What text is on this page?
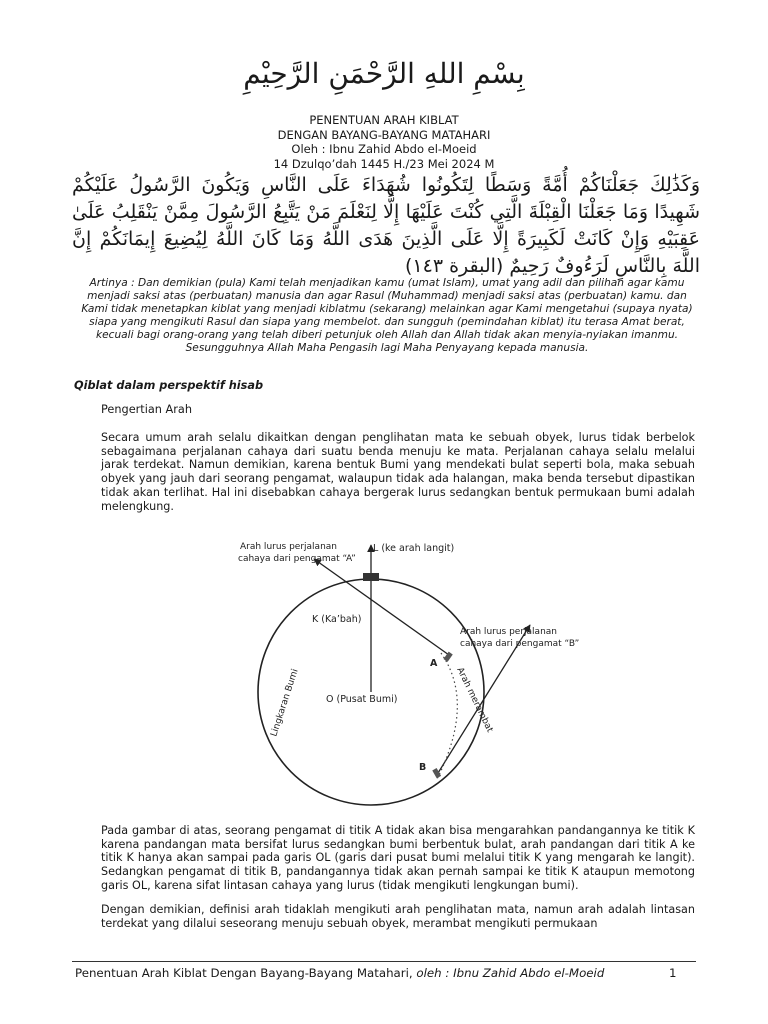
بِسْمِ اللهِ الرَّحْمَنِ الرَّحِيْمِ
PENENTUAN ARAH KIBLAT
DENGAN BAYANG-BAYANG MATAHARI
Oleh : Ibnu Zahid Abdo el-Moeid
14 Dzulqo’dah 1445 H./23 Mei 2024 M
وَكَذَٰلِكَ جَعَلْنَاكُمْ أُمَّةً وَسَطًا لِتَكُونُوا شُهَدَاءَ عَلَى النَّاسِ وَيَكُونَ الرَّسُولُ عَلَيْكُمْ شَهِيدًا وَمَا جَعَلْنَا الْقِبْلَةَ الَّتِي كُنْتَ عَلَيْهَا إِلَّا لِنَعْلَمَ مَنْ يَتَّبِعُ الرَّسُولَ مِمَّنْ يَنْقَلِبُ عَلَىٰ عَقِبَيْهِ وَإِنْ كَانَتْ لَكَبِيرَةً إِلَّا عَلَى الَّذِينَ هَدَى اللَّهُ وَمَا كَانَ اللَّهُ لِيُضِيعَ إِيمَانَكُمْ إِنَّ اللَّهَ بِالنَّاسِ لَرَءُوفٌ رَحِيمٌ (البقرة ١٤٣)
Artinya : Dan demikian (pula) Kami telah menjadikan kamu (umat Islam), umat yang adil dan pilihan agar kamu menjadi saksi atas (perbuatan) manusia dan agar Rasul (Muhammad) menjadi saksi atas (perbuatan) kamu. dan Kami tidak menetapkan kiblat yang menjadi kiblatmu (sekarang) melainkan agar Kami mengetahui (supaya nyata) siapa yang mengikuti Rasul dan siapa yang membelot. dan sungguh (pemindahan kiblat) itu terasa Amat berat, kecuali bagi orang-orang yang telah diberi petunjuk oleh Allah dan Allah tidak akan menyia-nyiakan imanmu. Sesungguhnya Allah Maha Pengasih lagi Maha Penyayang kepada manusia.
Qiblat dalam perspektif hisab
Pengertian Arah
Secara umum arah selalu dikaitkan dengan penglihatan mata ke sebuah obyek, lurus tidak berbelok sebagaimana perjalanan cahaya dari suatu benda menuju ke mata. Perjalanan cahaya selalu melalui jarak terdekat. Namun demikian, karena bentuk Bumi yang mendekati bulat seperti bola, maka sebuah obyek yang jauh dari seorang pengamat, walaupun tidak ada halangan, maka benda tersebut dipastikan tidak akan terlihat. Hal ini disebabkan cahaya bergerak lurus sedangkan bentuk permukaan bumi adalah melengkung.
Arah lurus perjalanan
cahaya dari pengamat “A”
L (ke arah langit)
K (Ka’bah)
Arah lurus perjalanan
cahaya dari pengamat “B”
A
B
O (Pusat Bumi)
Lingkaran Bumi	Arah merambat
Pada gambar di atas, seorang pengamat di titik A tidak akan bisa mengarahkan pandangannya ke titik K karena pandangan mata bersifat lurus sedangkan bumi berbentuk bulat, arah pandangan dari titik A ke titik K hanya akan sampai pada garis OL (garis dari pusat bumi melalui titik K yang mengarah ke langit). Sedangkan pengamat di titik B, pandangannya tidak akan pernah sampai ke titik K ataupun memotong garis OL, karena sifat lintasan cahaya yang lurus (tidak mengikuti lengkungan bumi).
Dengan demikian, definisi arah tidaklah mengikuti arah penglihatan mata, namun arah adalah lintasan terdekat yang dilalui seseorang menuju sebuah obyek, merambat mengikuti permukaan
Penentuan Arah Kiblat Dengan Bayang-Bayang Matahari, oleh : Ibnu Zahid Abdo el-Moeid	1
